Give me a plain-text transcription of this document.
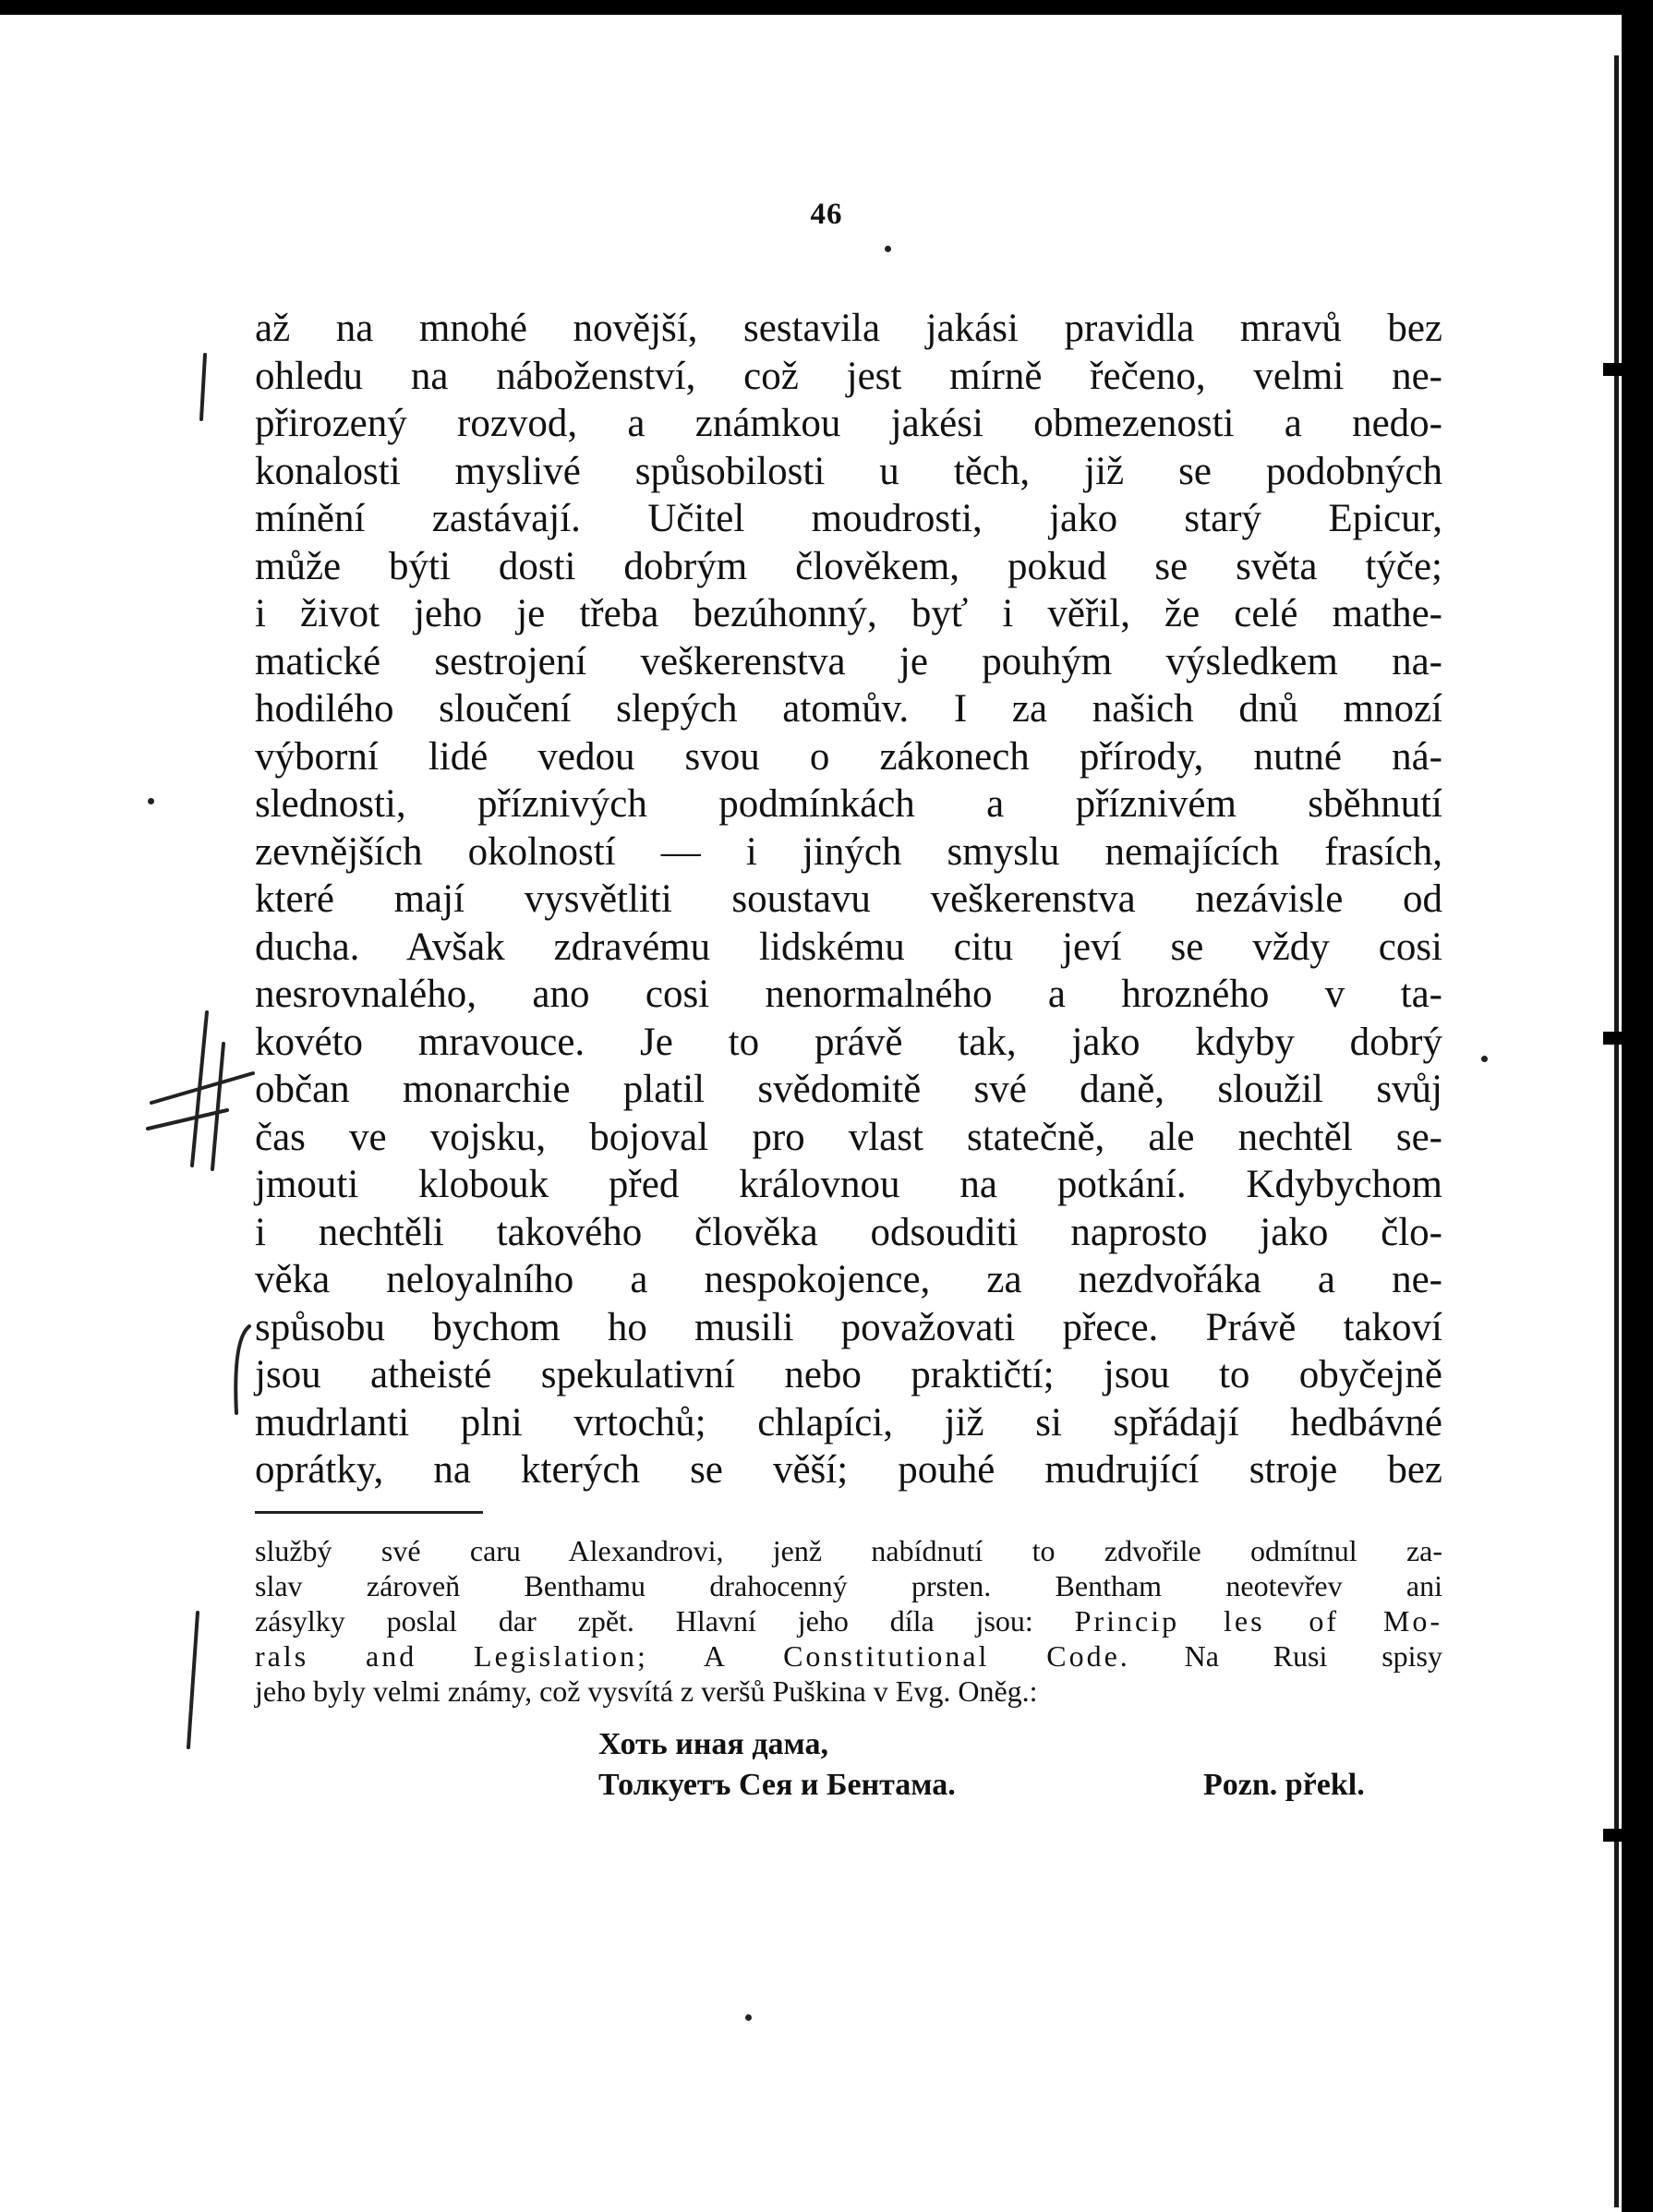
46
až na mnohé novější, sestavila jakási pravidla mravů bez
ohledu na náboženství, což jest mírně řečeno, velmi ne-
přirozený rozvod, a známkou jakési obmezenosti a nedo-
konalosti myslivé spůsobilosti u těch, již se podobných
mínění zastávají. Učitel moudrosti, jako starý Epicur,
může býti dosti dobrým člověkem, pokud se světa týče;
i život jeho je třeba bezúhonný, byť i věřil, že celé mathe-
matické sestrojení veškerenstva je pouhým výsledkem na-
hodilého sloučení slepých atomův. I za našich dnů mnozí
výborní lidé vedou svou o zákonech přírody, nutné ná-
slednosti, příznivých podmínkách a příznivém sběhnutí
zevnějších okolností — i jiných smyslu nemajících frasích,
které mají vysvětliti soustavu veškerenstva nezávisle od
ducha. Avšak zdravému lidskému citu jeví se vždy cosi
nesrovnalého, ano cosi nenormalného a hrozného v ta-
kovéto mravouce. Je to právě tak, jako kdyby dobrý
občan monarchie platil svědomitě své daně, sloužil svůj
čas ve vojsku, bojoval pro vlast statečně, ale nechtěl se-
jmouti klobouk před královnou na potkání. Kdybychom
i nechtěli takového člověka odsouditi naprosto jako člo-
věka neloyalního a nespokojence, za nezdvořáka a ne-
spůsobu bychom ho musili považovati přece. Právě takoví
jsou atheisté spekulativní nebo praktičtí; jsou to obyčejně
mudrlanti plni vrtochů; chlapíci, již si spřádají hedbávné
oprátky, na kterých se věší; pouhé mudrující stroje bez
službý své caru Alexandrovi, jenž nabídnutí to zdvořile odmítnul za-
slav zároveň Benthamu drahocenný prsten. Bentham neotevřev ani
zásylky poslal dar zpět. Hlavní jeho díla jsou: Princip les of Mo-
rals and Legislation; A Constitutional Code. Na Rusi spisy
jeho byly velmi známy, což vysvítá z veršů Puškina v Evg. Oněg.:
Хоть иная дама,
Толкуетъ Сея и Бентама.	Pozn. překl.
